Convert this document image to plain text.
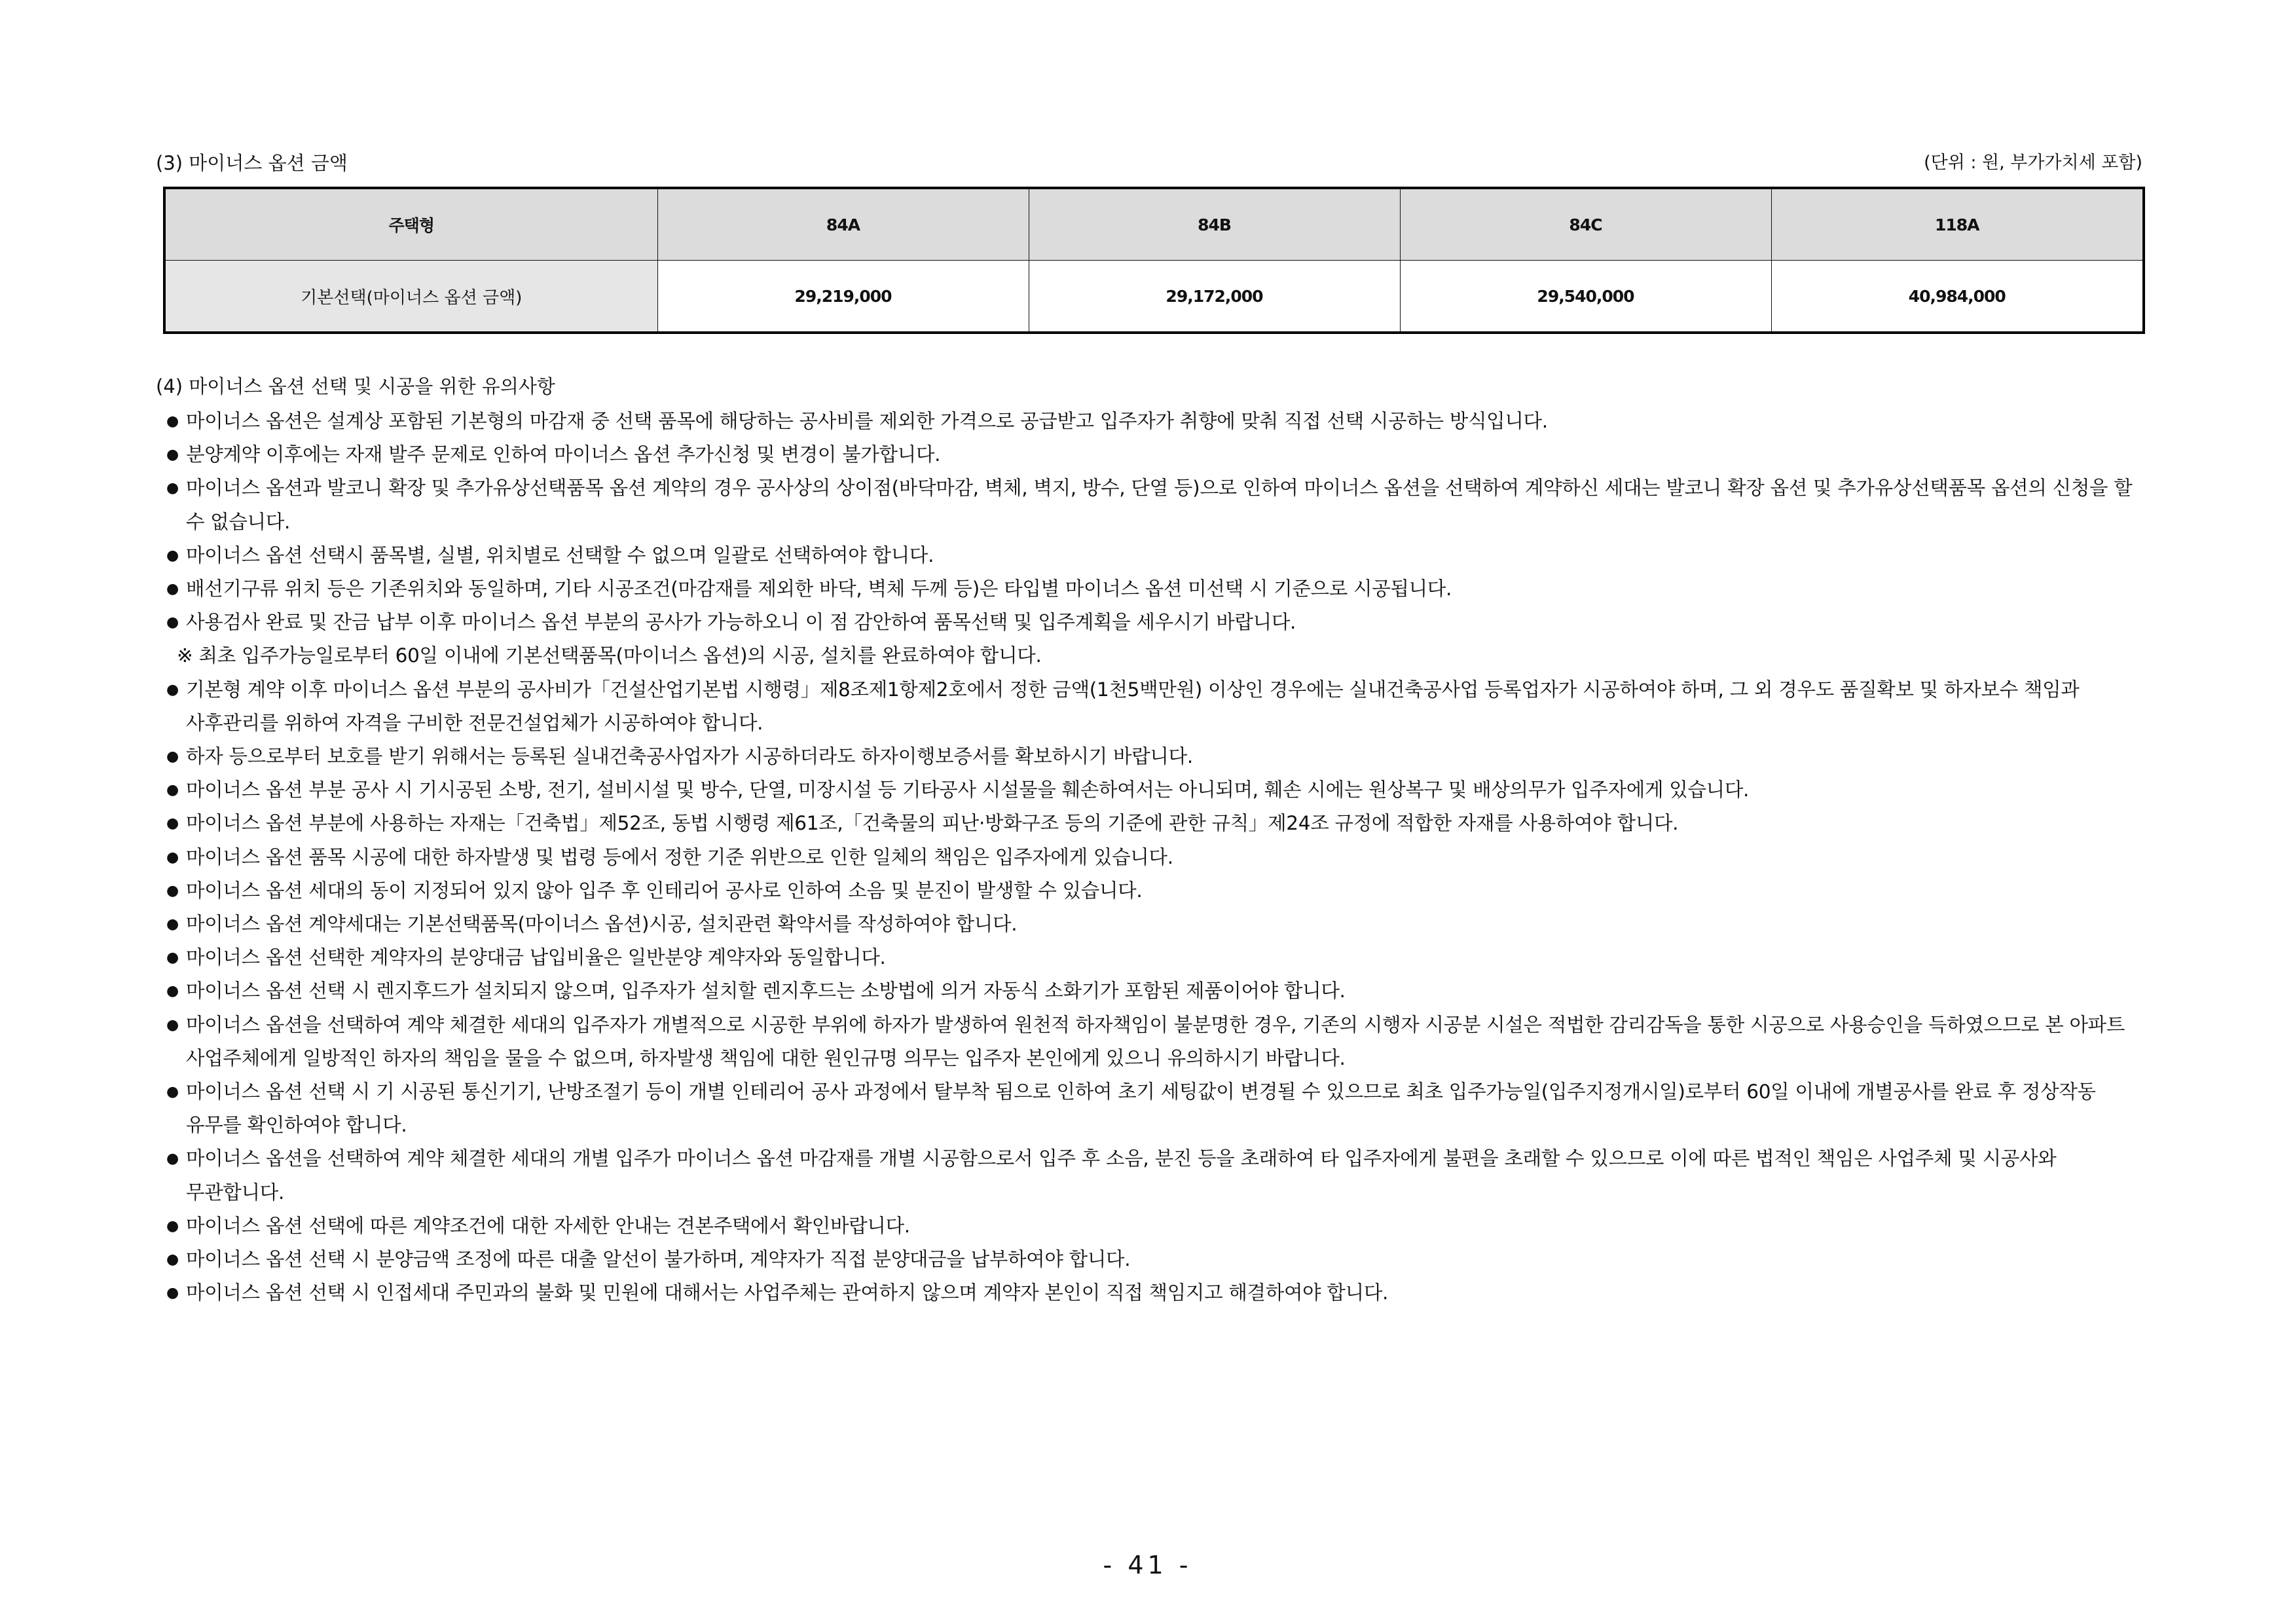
(3) 마이너스 옵션 금액	(단위 : 원, 부가가치세 포함)
주택형	84A	84B	84C	118A
기본선택(마이너스 옵션 금액)	29,219,000	29,172,000	29,540,000	40,984,000
(4) 마이너스 옵션 선택 및 시공을 위한 유의사항
● 마이너스 옵션은 설계상 포함된 기본형의 마감재 중 선택 품목에 해당하는 공사비를 제외한 가격으로 공급받고 입주자가 취향에 맞춰 직접 선택 시공하는 방식입니다.
● 분양계약 이후에는 자재 발주 문제로 인하여 마이너스 옵션 추가신청 및 변경이 불가합니다.
● 마이너스 옵션과 발코니 확장 및 추가유상선택품목 옵션 계약의 경우 공사상의 상이점(바닥마감, 벽체, 벽지, 방수, 단열 등)으로 인하여 마이너스 옵션을 선택하여 계약하신 세대는 발코니 확장 옵션 및 추가유상선택품목 옵션의 신청을 할 수 없습니다.
● 마이너스 옵션 선택시 품목별, 실별, 위치별로 선택할 수 없으며 일괄로 선택하여야 합니다.
● 배선기구류 위치 등은 기존위치와 동일하며, 기타 시공조건(마감재를 제외한 바닥, 벽체 두께 등)은 타입별 마이너스 옵션 미선택 시 기준으로 시공됩니다.
● 사용검사 완료 및 잔금 납부 이후 마이너스 옵션 부분의 공사가 가능하오니 이 점 감안하여 품목선택 및 입주계획을 세우시기 바랍니다.
※ 최초 입주가능일로부터 60일 이내에 기본선택품목(마이너스 옵션)의 시공, 설치를 완료하여야 합니다.
● 기본형 계약 이후 마이너스 옵션 부분의 공사비가「건설산업기본법 시행령」제8조제1항제2호에서 정한 금액(1천5백만원) 이상인 경우에는 실내건축공사업 등록업자가 시공하여야 하며, 그 외 경우도 품질확보 및 하자보수 책임과 사후관리를 위하여 자격을 구비한 전문건설업체가 시공하여야 합니다.
● 하자 등으로부터 보호를 받기 위해서는 등록된 실내건축공사업자가 시공하더라도 하자이행보증서를 확보하시기 바랍니다.
● 마이너스 옵션 부분 공사 시 기시공된 소방, 전기, 설비시설 및 방수, 단열, 미장시설 등 기타공사 시설물을 훼손하여서는 아니되며, 훼손 시에는 원상복구 및 배상의무가 입주자에게 있습니다.
● 마이너스 옵션 부분에 사용하는 자재는「건축법」제52조, 동법 시행령 제61조,「건축물의 피난·방화구조 등의 기준에 관한 규칙」제24조 규정에 적합한 자재를 사용하여야 합니다.
● 마이너스 옵션 품목 시공에 대한 하자발생 및 법령 등에서 정한 기준 위반으로 인한 일체의 책임은 입주자에게 있습니다.
● 마이너스 옵션 세대의 동이 지정되어 있지 않아 입주 후 인테리어 공사로 인하여 소음 및 분진이 발생할 수 있습니다.
● 마이너스 옵션 계약세대는 기본선택품목(마이너스 옵션)시공, 설치관련 확약서를 작성하여야 합니다.
● 마이너스 옵션 선택한 계약자의 분양대금 납입비율은 일반분양 계약자와 동일합니다.
● 마이너스 옵션 선택 시 렌지후드가 설치되지 않으며, 입주자가 설치할 렌지후드는 소방법에 의거 자동식 소화기가 포함된 제품이어야 합니다.
● 마이너스 옵션을 선택하여 계약 체결한 세대의 입주자가 개별적으로 시공한 부위에 하자가 발생하여 원천적 하자책임이 불분명한 경우, 기존의 시행자 시공분 시설은 적법한 감리감독을 통한 시공으로 사용승인을 득하였으므로 본 아파트 사업주체에게 일방적인 하자의 책임을 물을 수 없으며, 하자발생 책임에 대한 원인규명 의무는 입주자 본인에게 있으니 유의하시기 바랍니다.
● 마이너스 옵션 선택 시 기 시공된 통신기기, 난방조절기 등이 개별 인테리어 공사 과정에서 탈부착 됨으로 인하여 초기 세팅값이 변경될 수 있으므로 최초 입주가능일(입주지정개시일)로부터 60일 이내에 개별공사를 완료 후 정상작동 유무를 확인하여야 합니다.
● 마이너스 옵션을 선택하여 계약 체결한 세대의 개별 입주가 마이너스 옵션 마감재를 개별 시공함으로서 입주 후 소음, 분진 등을 초래하여 타 입주자에게 불편을 초래할 수 있으므로 이에 따른 법적인 책임은 사업주체 및 시공사와 무관합니다.
● 마이너스 옵션 선택에 따른 계약조건에 대한 자세한 안내는 견본주택에서 확인바랍니다.
● 마이너스 옵션 선택 시 분양금액 조정에 따른 대출 알선이 불가하며, 계약자가 직접 분양대금을 납부하여야 합니다.
● 마이너스 옵션 선택 시 인접세대 주민과의 불화 및 민원에 대해서는 사업주체는 관여하지 않으며 계약자 본인이 직접 책임지고 해결하여야 합니다.
- 41 -
